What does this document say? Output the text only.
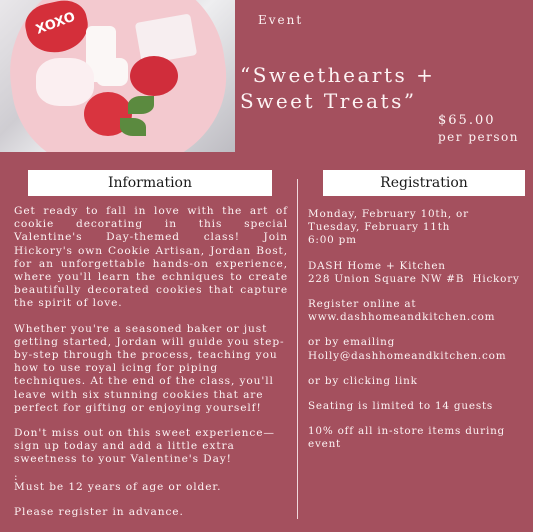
XOXO	Event
“Sweethearts +
Sweet Treats”
$65.00
per person
Information	Registration

Get ready to fall in love with the art of cookie decorating in this special Valentine's Day-themed class! Join Hickory's own Cookie Artisan, Jordan Bost, for an unforgettable hands-on experience, where you'll learn the echniques to create beautifully decorated cookies that capture the spirit of love.

Whether you're a seasoned baker or just getting started, Jordan will guide you step-by-step through the process, teaching you how to use royal icing for piping techniques. At the end of the class, you'll leave with six stunning cookies that are perfect for gifting or enjoying yourself!

Don't miss out on this sweet experience—sign up today and add a little extra sweetness to your Valentine's Day!

:

Must be 12 years of age or older.

Please register in advance.

Monday, February 10th, or
Tuesday, February 11th
6:00 pm

DASH Home + Kitchen
228 Union Square NW #B  Hickory

Register online at
www.dashhomeandkitchen.com

or by emailing
Holly@dashhomeandkitchen.com

or by clicking link

Seating is limited to 14 guests

10% off all in-store items during event
